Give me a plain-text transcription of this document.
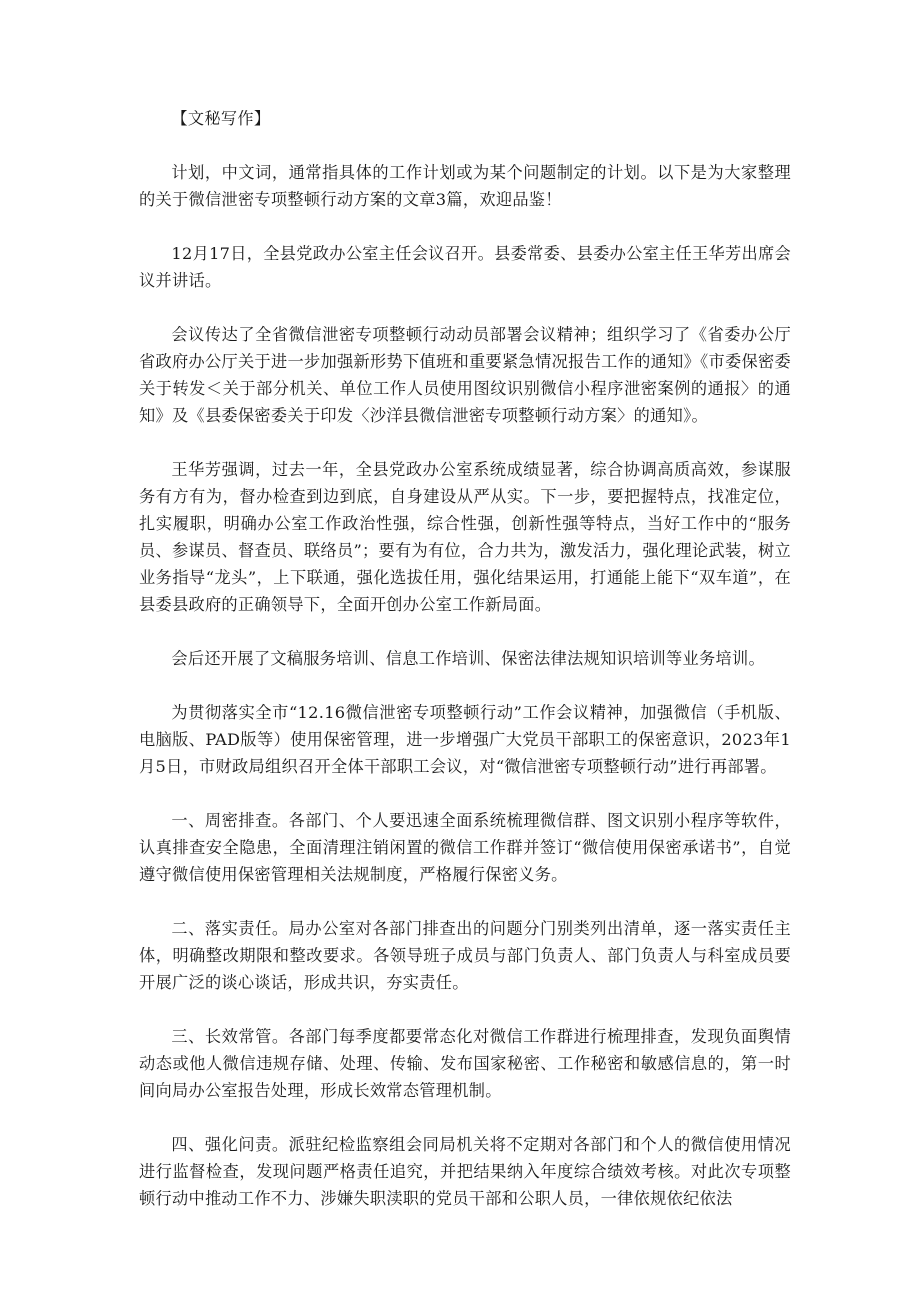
【文秘写作】

计划，中文词，通常指具体的工作计划或为某个问题制定的计划。以下是为大家整理的关于微信泄密专项整顿行动方案的文章3篇，欢迎品鉴！

12月17日，全县党政办公室主任会议召开。县委常委、县委办公室主任王华芳出席会议并讲话。

会议传达了全省微信泄密专项整顿行动动员部署会议精神；组织学习了《省委办公厅省政府办公厅关于进一步加强新形势下值班和重要紧急情况报告工作的通知》《市委保密委关于转发＜关于部分机关、单位工作人员使用图纹识别微信小程序泄密案例的通报〉的通知》及《县委保密委关于印发〈沙洋县微信泄密专项整顿行动方案〉的通知》。

王华芳强调，过去一年，全县党政办公室系统成绩显著，综合协调高质高效，参谋服务有方有为，督办检查到边到底，自身建设从严从实。下一步，要把握特点，找准定位，扎实履职，明确办公室工作政治性强，综合性强，创新性强等特点，当好工作中的“服务员、参谋员、督查员、联络员”；要有为有位，合力共为，激发活力，强化理论武装，树立业务指导“龙头”，上下联通，强化选拔任用，强化结果运用，打通能上能下“双车道”，在县委县政府的正确领导下，全面开创办公室工作新局面。

会后还开展了文稿服务培训、信息工作培训、保密法律法规知识培训等业务培训。

为贯彻落实全市“12.16微信泄密专项整顿行动”工作会议精神，加强微信（手机版、电脑版、PAD版等）使用保密管理，进一步增强广大党员干部职工的保密意识，2023年1月5日，市财政局组织召开全体干部职工会议，对“微信泄密专项整顿行动”进行再部署。

一、周密排查。各部门、个人要迅速全面系统梳理微信群、图文识别小程序等软件，认真排查安全隐患，全面清理注销闲置的微信工作群并签订“微信使用保密承诺书”，自觉遵守微信使用保密管理相关法规制度，严格履行保密义务。

二、落实责任。局办公室对各部门排查出的问题分门别类列出清单，逐一落实责任主体，明确整改期限和整改要求。各领导班子成员与部门负责人、部门负责人与科室成员要开展广泛的谈心谈话，形成共识，夯实责任。

三、长效常管。各部门每季度都要常态化对微信工作群进行梳理排查，发现负面舆情动态或他人微信违规存储、处理、传输、发布国家秘密、工作秘密和敏感信息的，第一时间向局办公室报告处理，形成长效常态管理机制。

四、强化问责。派驻纪检监察组会同局机关将不定期对各部门和个人的微信使用情况进行监督检查，发现问题严格责任追究，并把结果纳入年度综合绩效考核。对此次专项整顿行动中推动工作不力、涉嫌失职渎职的党员干部和公职人员，一律依规依纪依法
